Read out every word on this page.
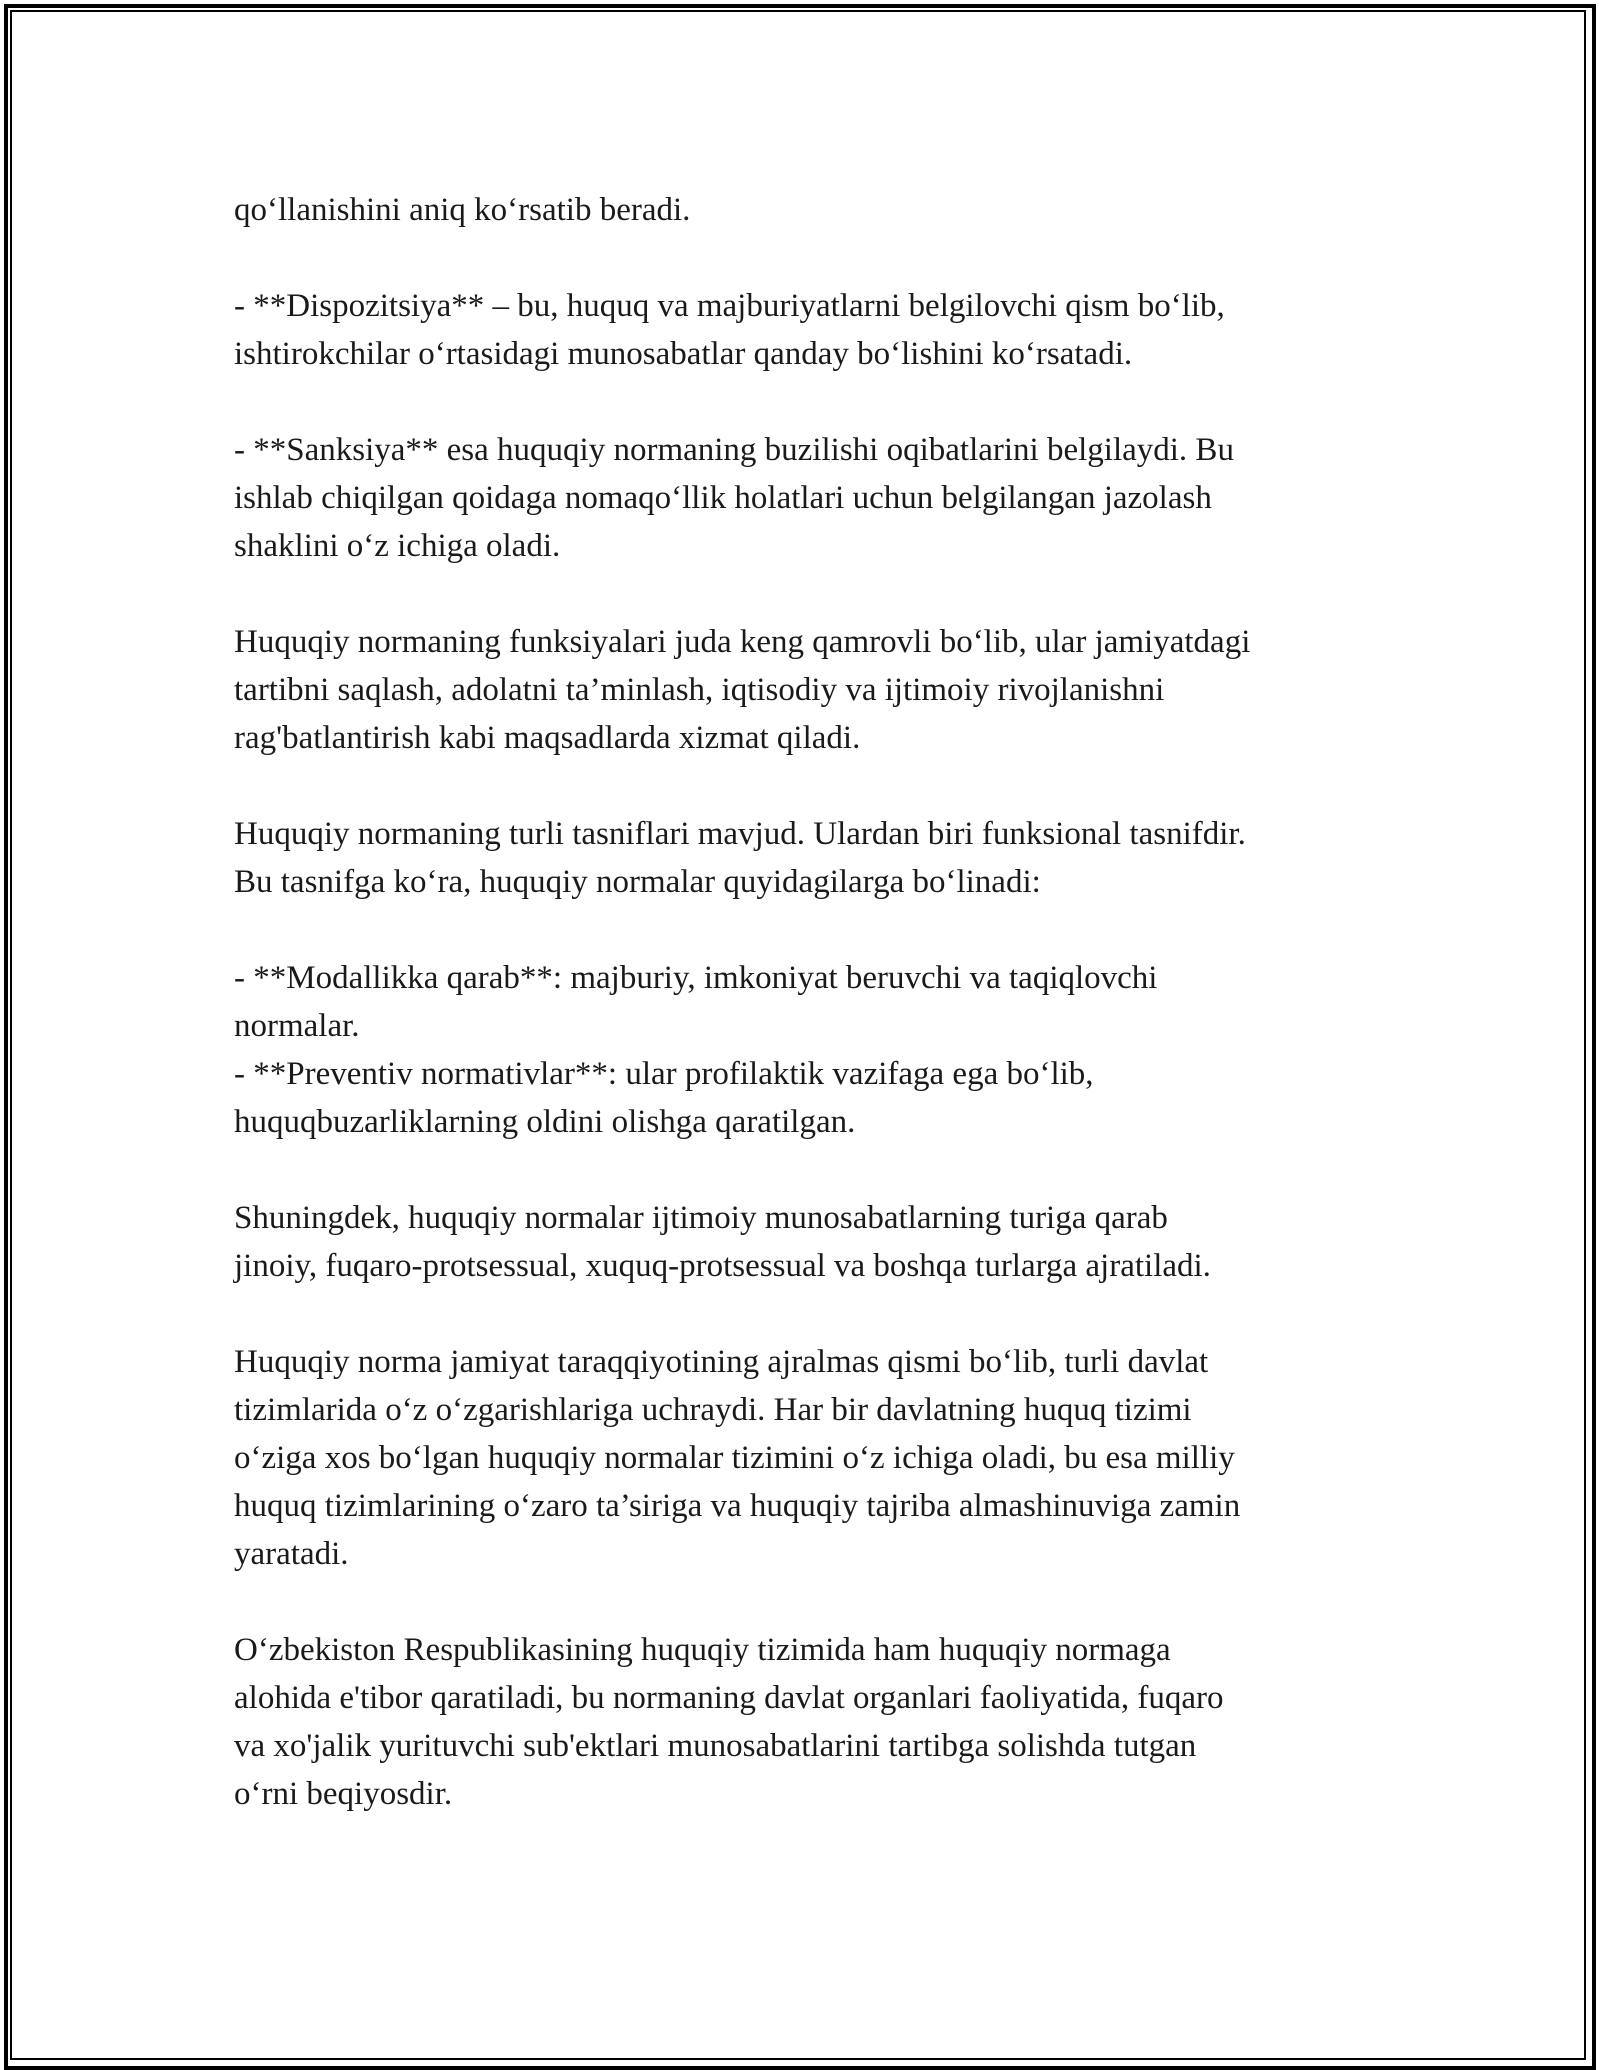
qo‘llanishini aniq ko‘rsatib beradi.

- **Dispozitsiya** – bu, huquq va majburiyatlarni belgilovchi qism bo‘lib,
ishtirokchilar o‘rtasidagi munosabatlar qanday bo‘lishini ko‘rsatadi.

- **Sanksiya** esa huquqiy normaning buzilishi oqibatlarini belgilaydi. Bu
ishlab chiqilgan qoidaga nomaqo‘llik holatlari uchun belgilangan jazolash
shaklini o‘z ichiga oladi.

Huquqiy normaning funksiyalari juda keng qamrovli bo‘lib, ular jamiyatdagi
tartibni saqlash, adolatni ta’minlash, iqtisodiy va ijtimoiy rivojlanishni
rag'batlantirish kabi maqsadlarda xizmat qiladi.

Huquqiy normaning turli tasniflari mavjud. Ulardan biri funksional tasnifdir.
Bu tasnifga ko‘ra, huquqiy normalar quyidagilarga bo‘linadi:

- **Modallikka qarab**: majburiy, imkoniyat beruvchi va taqiqlovchi
normalar.
- **Preventiv normativlar**: ular profilaktik vazifaga ega bo‘lib,
huquqbuzarliklarning oldini olishga qaratilgan.

Shuningdek, huquqiy normalar ijtimoiy munosabatlarning turiga qarab
jinoiy, fuqaro-protsessual, xuquq-protsessual va boshqa turlarga ajratiladi.

Huquqiy norma jamiyat taraqqiyotining ajralmas qismi bo‘lib, turli davlat
tizimlarida o‘z o‘zgarishlariga uchraydi. Har bir davlatning huquq tizimi
o‘ziga xos bo‘lgan huquqiy normalar tizimini o‘z ichiga oladi, bu esa milliy
huquq tizimlarining o‘zaro ta’siriga va huquqiy tajriba almashinuviga zamin
yaratadi.

O‘zbekiston Respublikasining huquqiy tizimida ham huquqiy normaga
alohida e'tibor qaratiladi, bu normaning davlat organlari faoliyatida, fuqaro
va xo'jalik yurituvchi sub'ektlari munosabatlarini tartibga solishda tutgan
o‘rni beqiyosdir.
